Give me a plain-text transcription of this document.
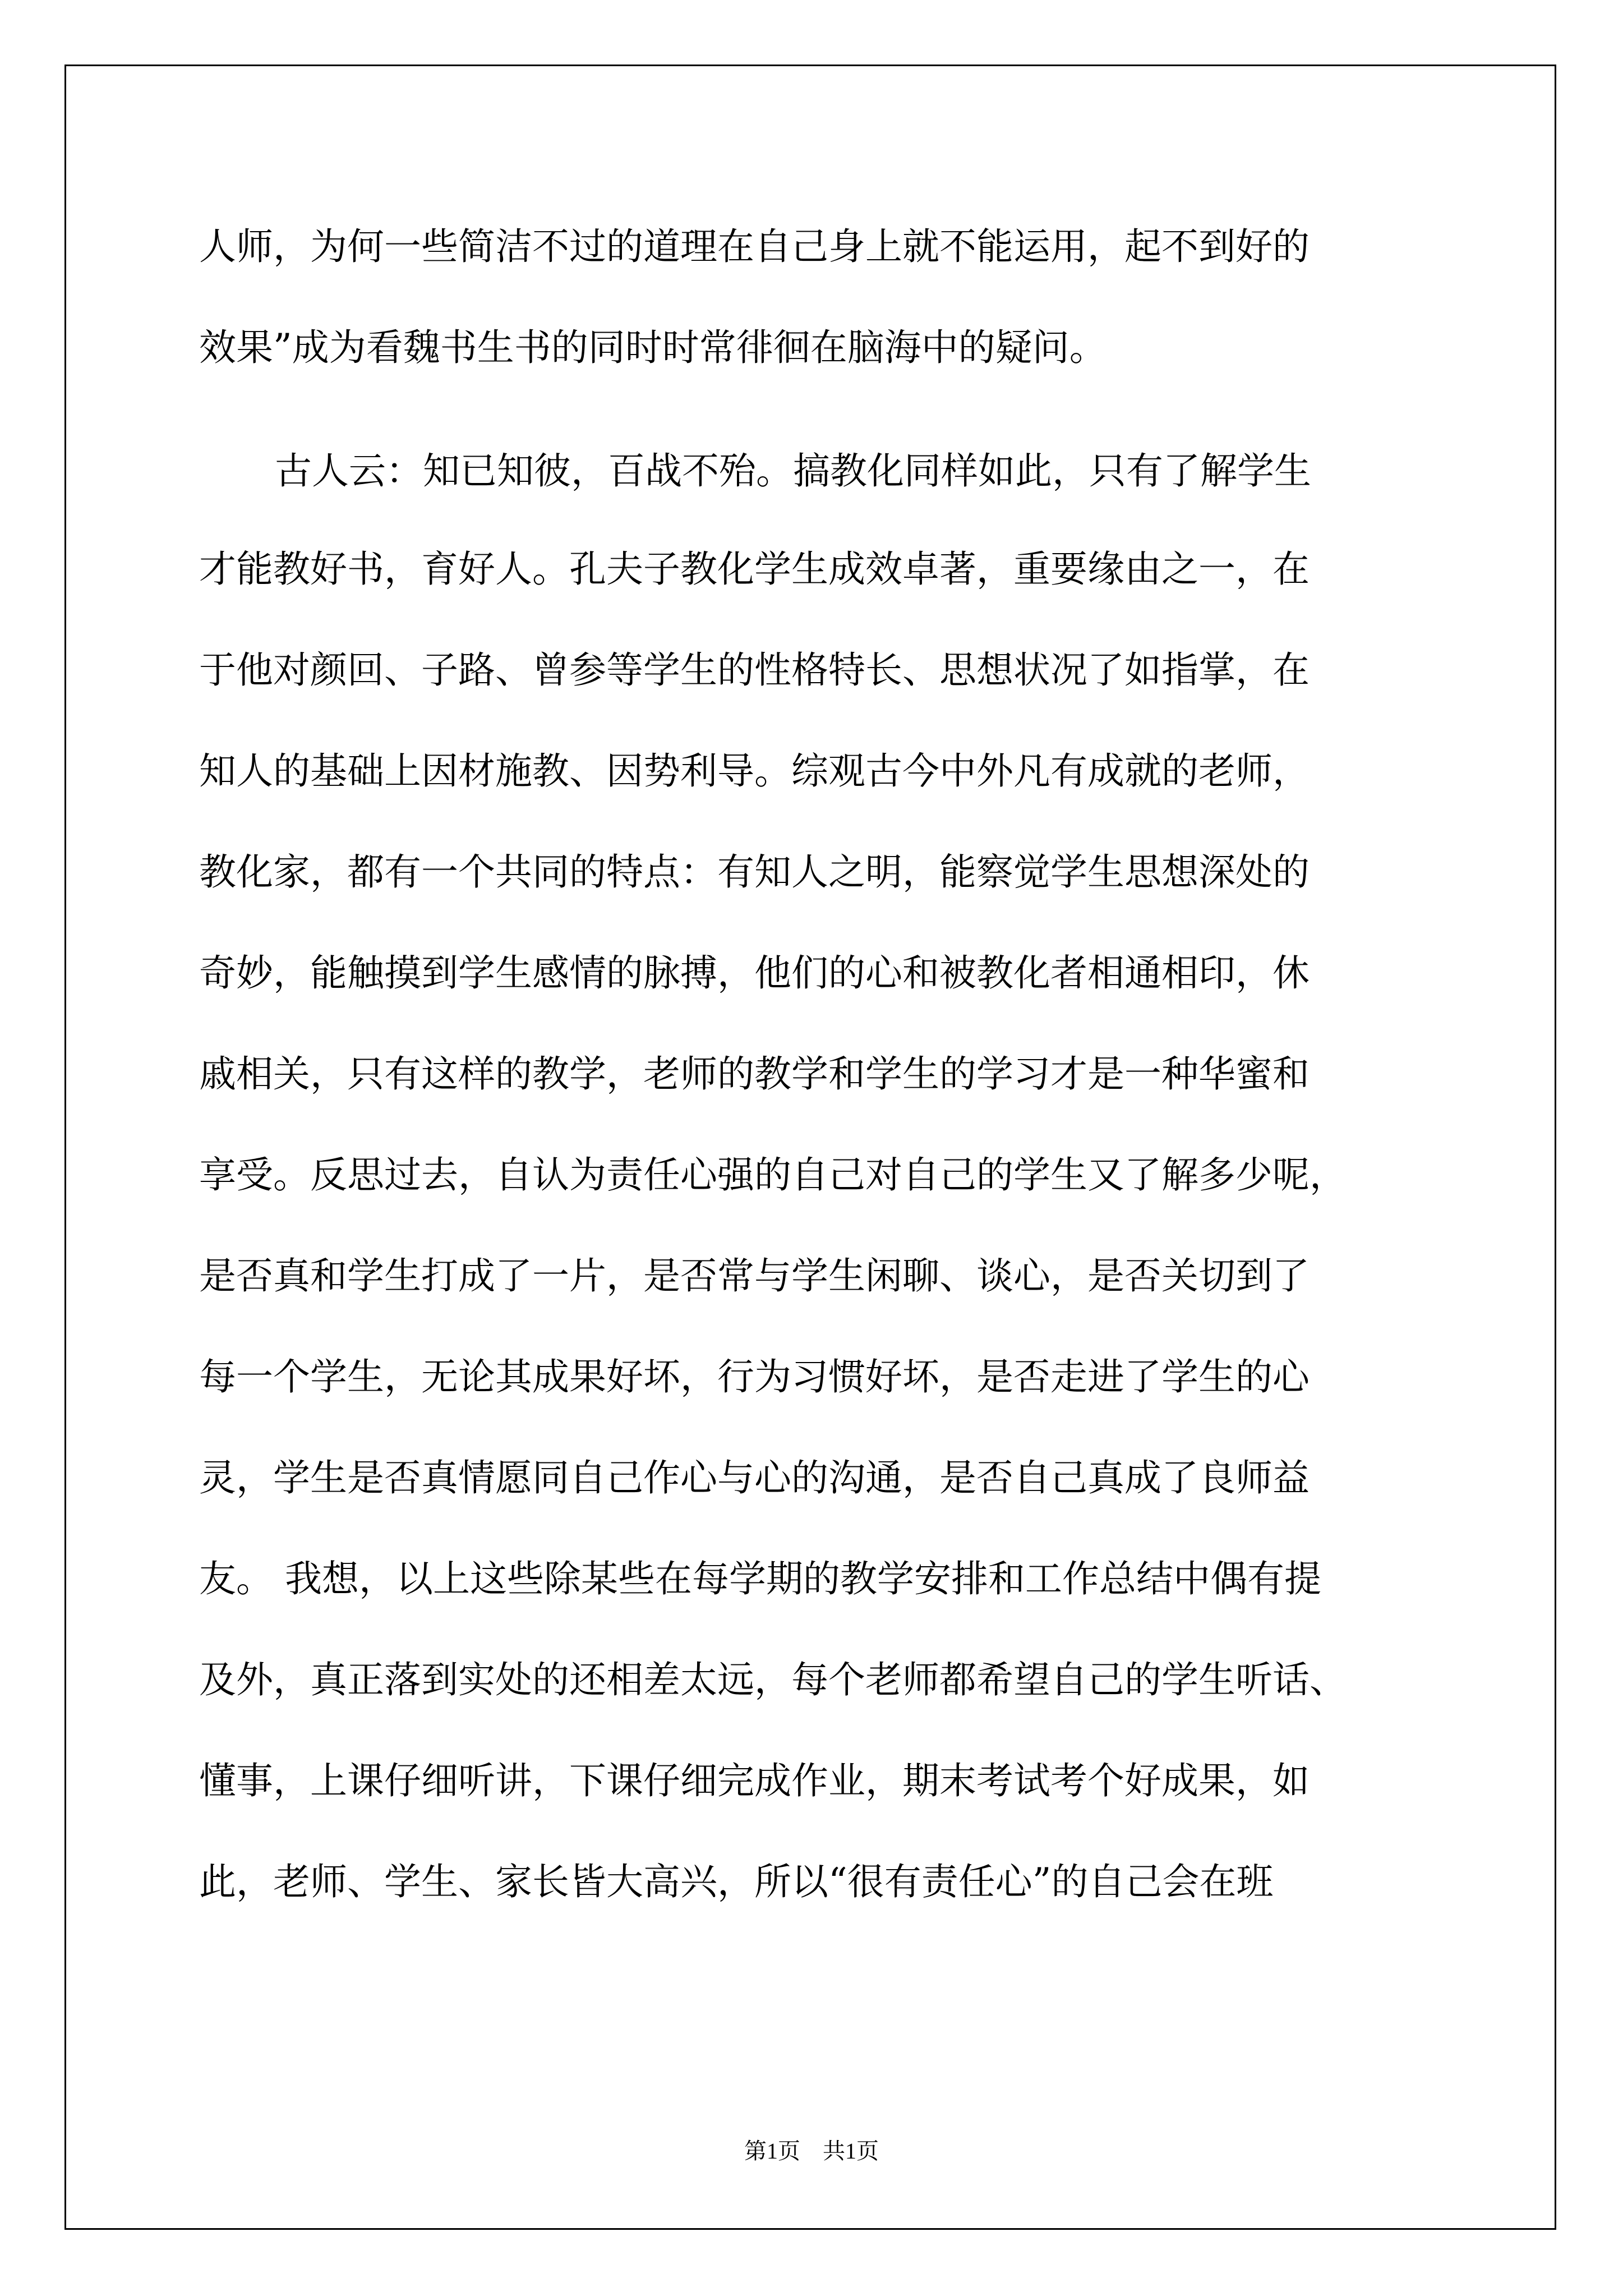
人师，为何一些简洁不过的道理在自己身上就不能运用，起不到好的
效果”成为看魏书生书的同时时常徘徊在脑海中的疑问。
古人云：知已知彼，百战不殆。搞教化同样如此，只有了解学生
才能教好书，育好人。孔夫子教化学生成效卓著，重要缘由之一，在
于他对颜回、子路、曾参等学生的性格特长、思想状况了如指掌，在
知人的基础上因材施教、因势利导。综观古今中外凡有成就的老师，
教化家，都有一个共同的特点：有知人之明，能察觉学生思想深处的
奇妙，能触摸到学生感情的脉搏，他们的心和被教化者相通相印，休
戚相关，只有这样的教学，老师的教学和学生的学习才是一种华蜜和
享受。反思过去，自认为责任心强的自己对自己的学生又了解多少呢，
是否真和学生打成了一片，是否常与学生闲聊、谈心，是否关切到了
每一个学生，无论其成果好坏，行为习惯好坏，是否走进了学生的心
灵，学生是否真情愿同自己作心与心的沟通，是否自己真成了良师益
友。 我想，以上这些除某些在每学期的教学安排和工作总结中偶有提
及外，真正落到实处的还相差太远，每个老师都希望自己的学生听话、
懂事，上课仔细听讲，下课仔细完成作业，期末考试考个好成果，如
此，老师、学生、家长皆大高兴，所以“很有责任心”的自己会在班
第1页　共1页
